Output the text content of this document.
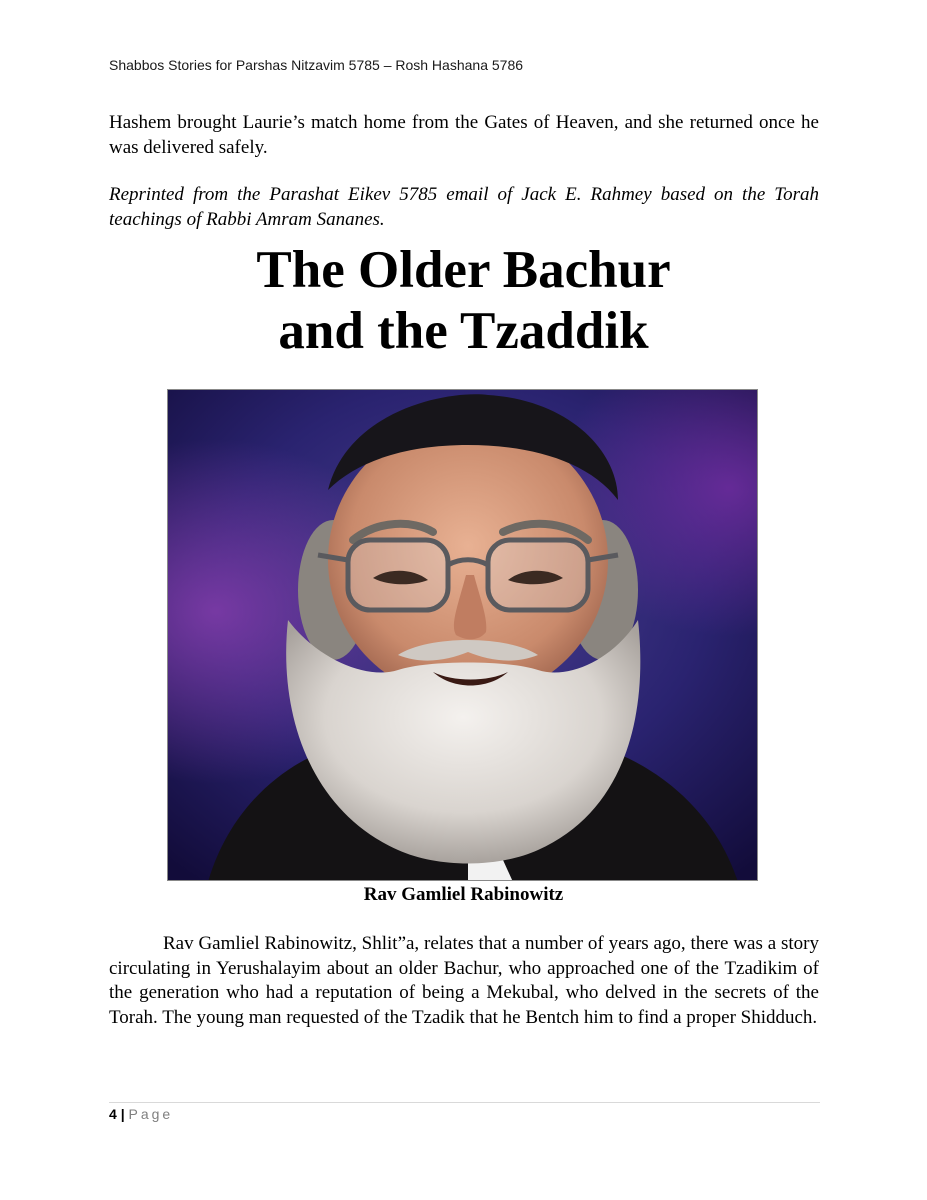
Shabbos Stories for Parshas Nitzavim 5785 – Rosh Hashana 5786
Hashem brought Laurie’s match home from the Gates of Heaven, and she returned once he was delivered safely.
Reprinted from the Parashat Eikev 5785 email of Jack E. Rahmey based on the Torah teachings of Rabbi Amram Sananes.
The Older Bachur
and the Tzaddik
Rav Gamliel Rabinowitz
Rav Gamliel Rabinowitz, Shlit”a, relates that a number of years ago, there was a story circulating in Yerushalayim about an older Bachur, who approached one of the Tzadikim of the generation who had a reputation of being a Mekubal, who delved in the secrets of the Torah. The young man requested of the Tzadik that he Bentch him to find a proper Shidduch.
4 | Page
